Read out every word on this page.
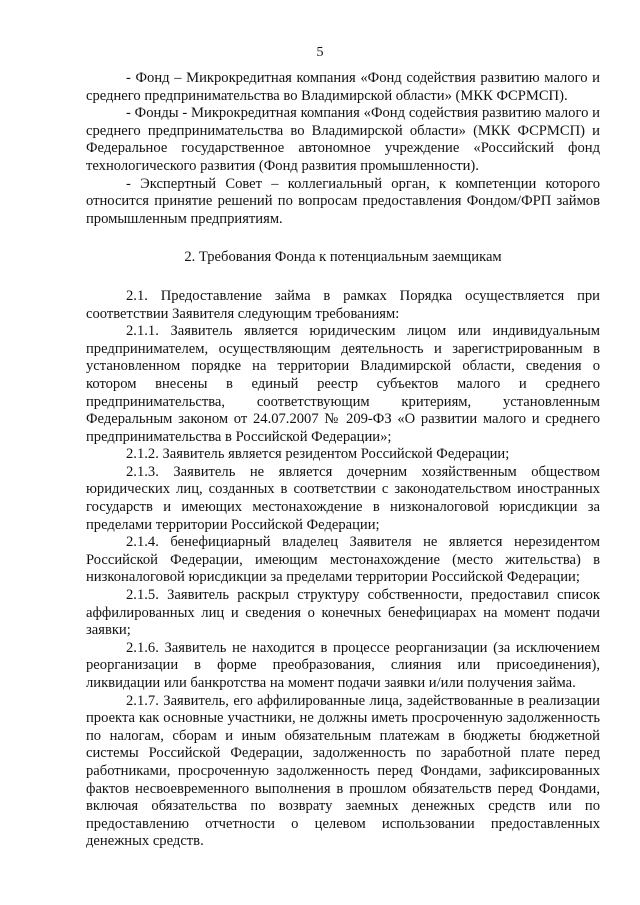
5

- Фонд – Микрокредитная компания «Фонд содействия развитию малого и среднего предпринимательства во Владимирской области» (МКК ФСРМСП).

- Фонды - Микрокредитная компания «Фонд содействия развитию малого и среднего предпринимательства во Владимирской области» (МКК ФСРМСП) и Федеральное государственное автономное учреждение «Российский фонд технологического развития (Фонд развития промышленности).

- Экспертный Совет – коллегиальный орган, к компетенции которого относится принятие решений по вопросам предоставления Фондом/ФРП займов промышленным предприятиям.

2. Требования Фонда к потенциальным заемщикам

2.1. Предоставление займа в рамках Порядка осуществляется при соответствии Заявителя следующим требованиям:

2.1.1. Заявитель является юридическим лицом или индивидуальным предпринимателем, осуществляющим деятельность и зарегистрированным в установленном порядке на территории Владимирской области, сведения о котором внесены в единый реестр субъектов малого и среднего предпринимательства, соответствующим критериям, установленным Федеральным законом от 24.07.2007 № 209-ФЗ «О развитии малого и среднего предпринимательства в Российской Федерации»;

2.1.2. Заявитель является резидентом Российской Федерации;

2.1.3. Заявитель не является дочерним хозяйственным обществом юридических лиц, созданных в соответствии с законодательством иностранных государств и имеющих местонахождение в низконалоговой юрисдикции за пределами территории Российской Федерации;

2.1.4. бенефициарный владелец Заявителя не является нерезидентом Российской Федерации, имеющим местонахождение (место жительства) в низконалоговой юрисдикции за пределами территории Российской Федерации;

2.1.5. Заявитель раскрыл структуру собственности, предоставил список аффилированных лиц и сведения о конечных бенефициарах на момент подачи заявки;

2.1.6. Заявитель не находится в процессе реорганизации (за исключением реорганизации в форме преобразования, слияния или присоединения), ликвидации или банкротства на момент подачи заявки и/или получения займа.

2.1.7. Заявитель, его аффилированные лица, задействованные в реализации проекта как основные участники, не должны иметь просроченную задолженность по налогам, сборам и иным обязательным платежам в бюджеты бюджетной системы Российской Федерации, задолженность по заработной плате перед работниками, просроченную задолженность перед Фондами, зафиксированных фактов несвоевременного выполнения в прошлом обязательств перед Фондами, включая обязательства по возврату заемных денежных средств или по предоставлению отчетности о целевом использовании предоставленных денежных средств.
